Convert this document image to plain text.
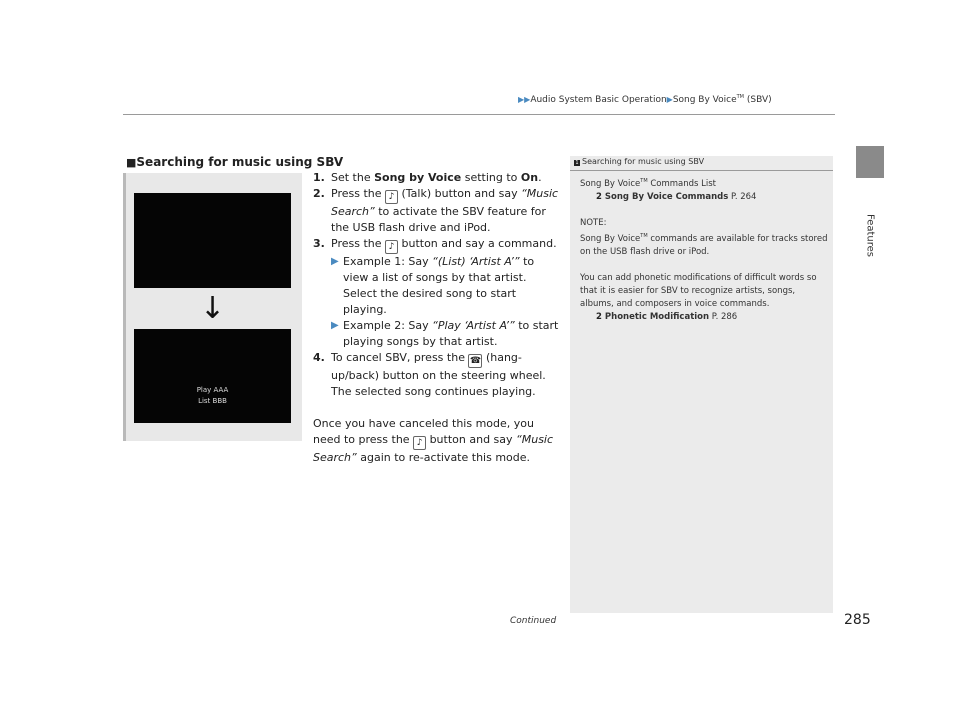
▶▶Audio System Basic Operation▶Song By Voice™ (SBV)
Features
■Searching for music using SBV
↓
Play AAA
List BBB
1. Set the Song by Voice setting to On.
2. Press the ♪ (Talk) button and say “Music Search” to activate the SBV feature for the USB flash drive and iPod.
3. Press the ♪ button and say a command.
▶ Example 1: Say “(List) ‘Artist A’” to view a list of songs by that artist. Select the desired song to start playing.
▶ Example 2: Say “Play ‘Artist A’” to start playing songs by that artist.
4. To cancel SBV, press the ☎ (hang-up/back) button on the steering wheel. The selected song continues playing.
Once you have canceled this mode, you need to press the ♪ button and say “Music Search” again to re-activate this mode.
1 Searching for music using SBV
Song By Voice™ Commands List
2 Song By Voice Commands P. 264
NOTE:
Song By Voice™ commands are available for tracks stored on the USB flash drive or iPod.
You can add phonetic modifications of difficult words so that it is easier for SBV to recognize artists, songs, albums, and composers in voice commands.
2 Phonetic Modification P. 286
Continued	285
